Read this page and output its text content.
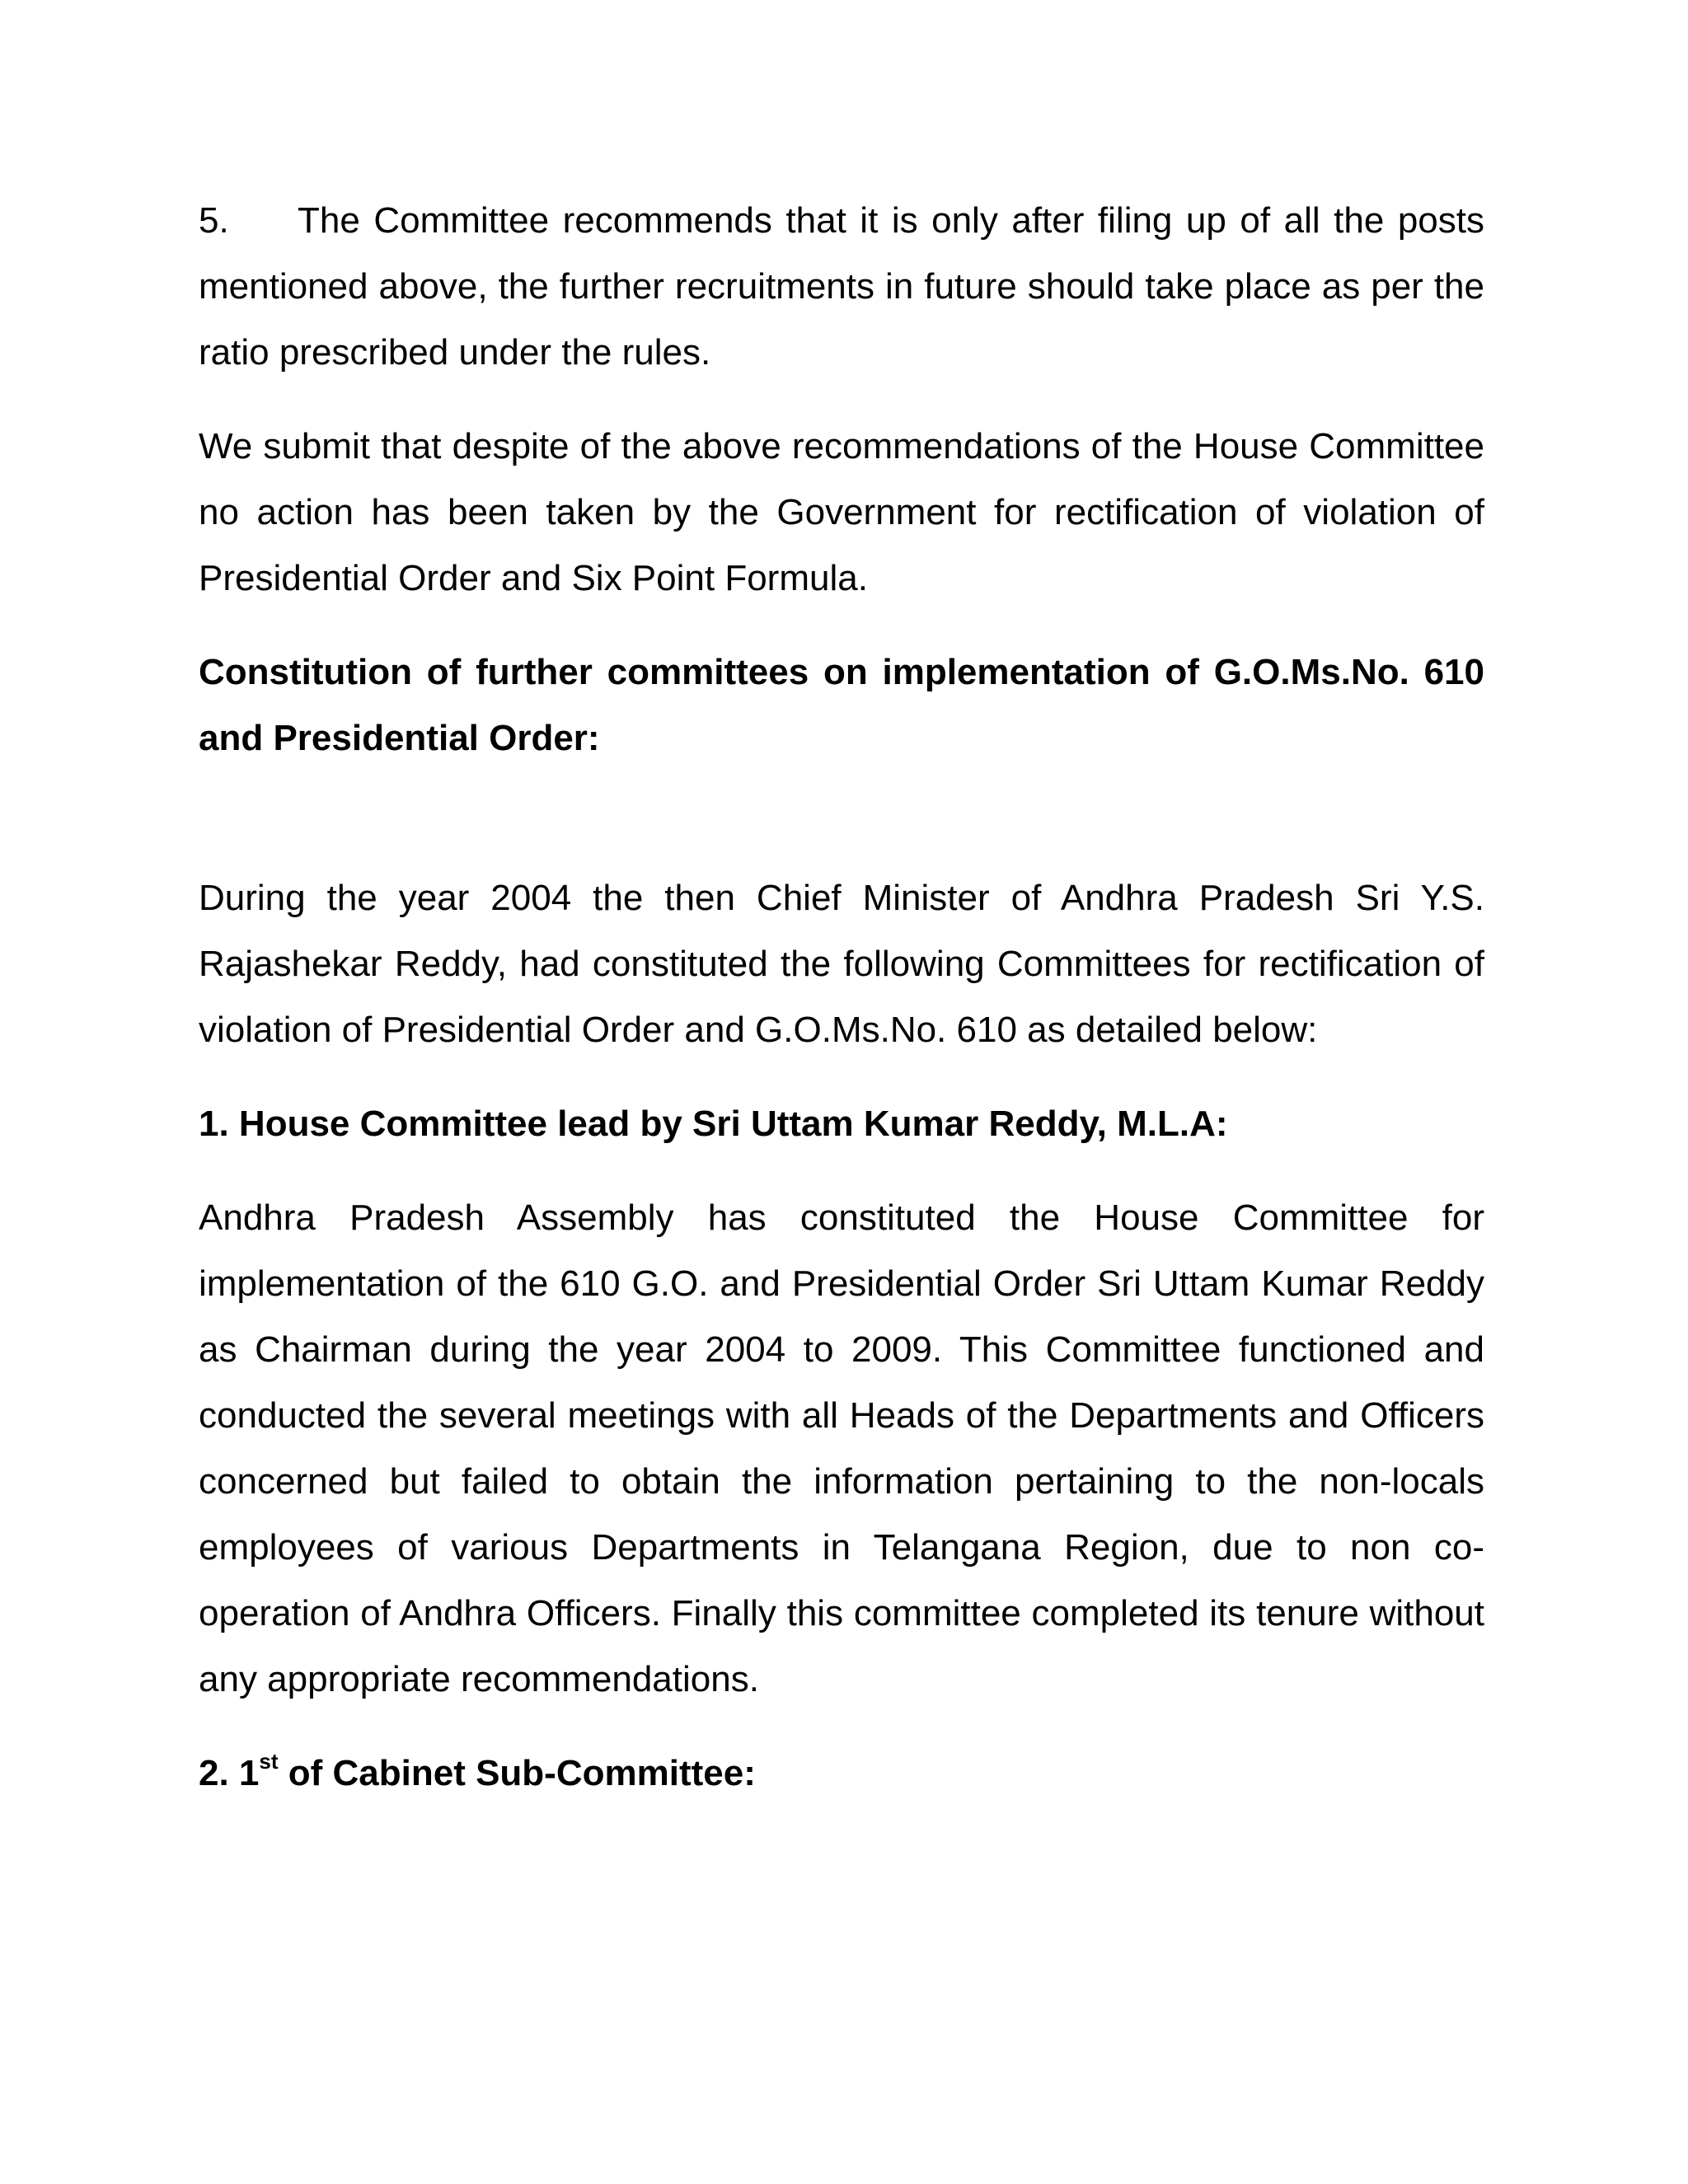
5. The Committee recommends that it is only after filing up of all the posts mentioned above, the further recruitments in future should take place as per the ratio prescribed under the rules.

We submit that despite of the above recommendations of the House Committee no action has been taken by the Government for rectification of violation of Presidential Order and Six Point Formula.

Constitution of further committees on implementation of G.O.Ms.No. 610 and Presidential Order:

During the year 2004 the then Chief Minister of Andhra Pradesh Sri Y.S. Rajashekar Reddy, had constituted the following Committees for rectification of violation of Presidential Order and G.O.Ms.No. 610 as detailed below:

1. House Committee lead by Sri Uttam Kumar Reddy, M.L.A:

Andhra Pradesh Assembly has constituted the House Committee for implementation of the 610 G.O. and Presidential Order Sri Uttam Kumar Reddy as Chairman during the year 2004 to 2009. This Committee functioned and conducted the several meetings with all Heads of the Departments and Officers concerned but failed to obtain the information pertaining to the non-locals employees of various Departments in Telangana Region, due to non co-operation of Andhra Officers. Finally this committee completed its tenure without any appropriate recommendations.

2. 1st of Cabinet Sub-Committee:
